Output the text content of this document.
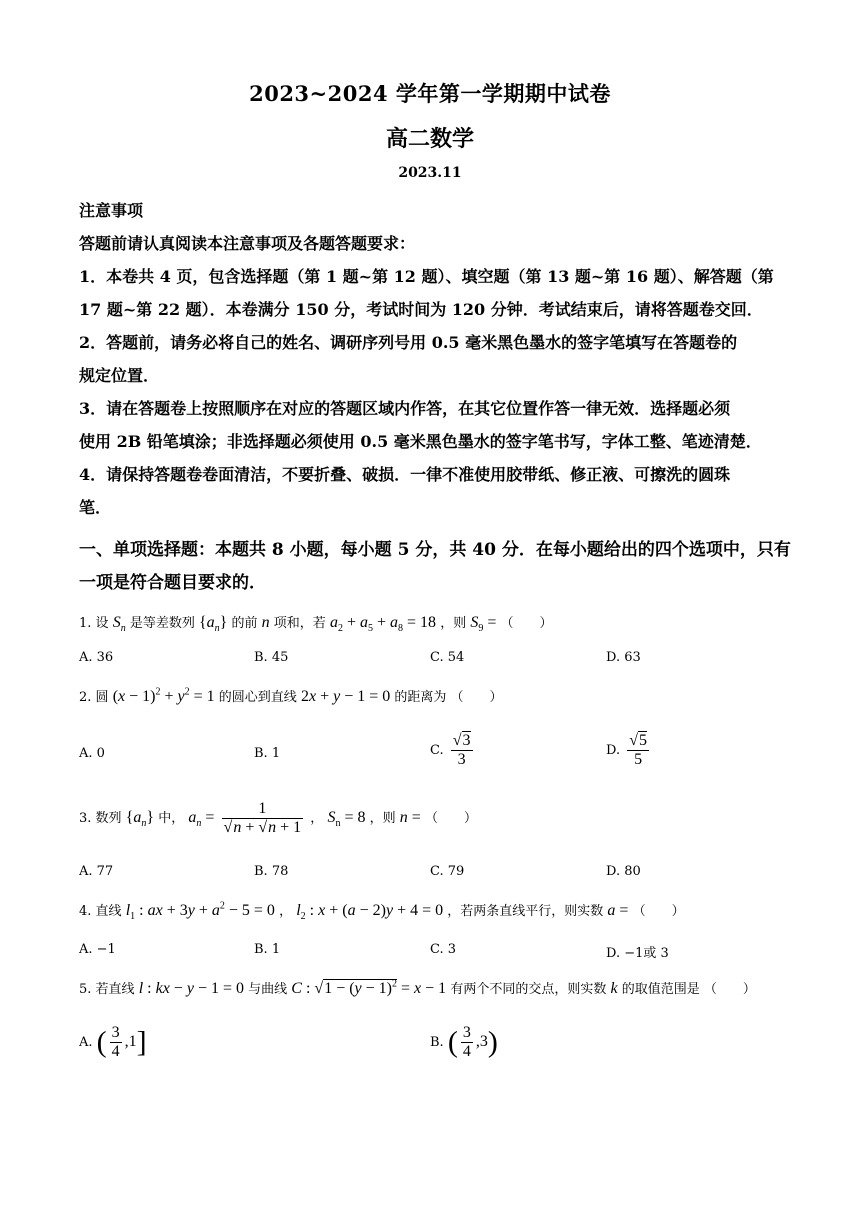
2023~2024 学年第一学期期中试卷
高二数学
2023.11
注意事项
答题前请认真阅读本注意事项及各题答题要求：
1．本卷共 4 页，包含选择题（第 1 题~第 12 题）、填空题（第 13 题~第 16 题）、解答题（第
17 题~第 22 题）．本卷满分 150 分，考试时间为 120 分钟．考试结束后，请将答题卷交回．
2．答题前，请务必将自己的姓名、调研序列号用 0.5 毫米黑色墨水的签字笔填写在答题卷的
规定位置．
3．请在答题卷上按照顺序在对应的答题区域内作答，在其它位置作答一律无效．选择题必须
使用 2B 铅笔填涂；非选择题必须使用 0.5 毫米黑色墨水的签字笔书写，字体工整、笔迹清楚．
4．请保持答题卷卷面清洁，不要折叠、破损．一律不准使用胶带纸、修正液、可擦洗的圆珠
笔．
一、单项选择题：本题共 8 小题，每小题 5 分，共 40 分．在每小题给出的四个选项中，只有
一项是符合题目要求的．
1. 设 $S_n$ 是等差数列 $\{a_n\}$ 的前 n 项和，若 $a_2 + a_5 + a_8 = 18$ ，则 $S_9$ = （　　）
A. 36	B. 45	C. 54	D. 63
2. 圆 $(x - 1)^2 + y^2 = 1$ 的圆心到直线 2x + y − 1 = 0 的距离为 （　　）
A. 0	B. 1	C. $\frac{√3}{3}$	D. $\frac{√5}{5}$
3. 数列 $\{a_n\}$ 中， $a_n = \frac{1}{√n + √n + 1}$ ， $S_n = 8$ ，则 n = （　　）
A. 77	B. 78	C. 79	D. 80
4. 直线 $l_1$ : ax + $3y + a^2 - 5 = 0$ ， $l_2$ : x + (a − 2)y + 4 = 0 ，若两条直线平行，则实数 a = （　　）
A. −1	B. 1	C. 3	D. −1或 3
5. 若直线 l : kx − y − 1 = 0 与曲线 C : $√1 - (y - 1)^2 = x - 1$ 有两个不同的交点，则实数 k 的取值范围是 （　　）
A. ( $\frac{3}{4} ,1$]	B. ( $\frac{3}{4} ,3$)
